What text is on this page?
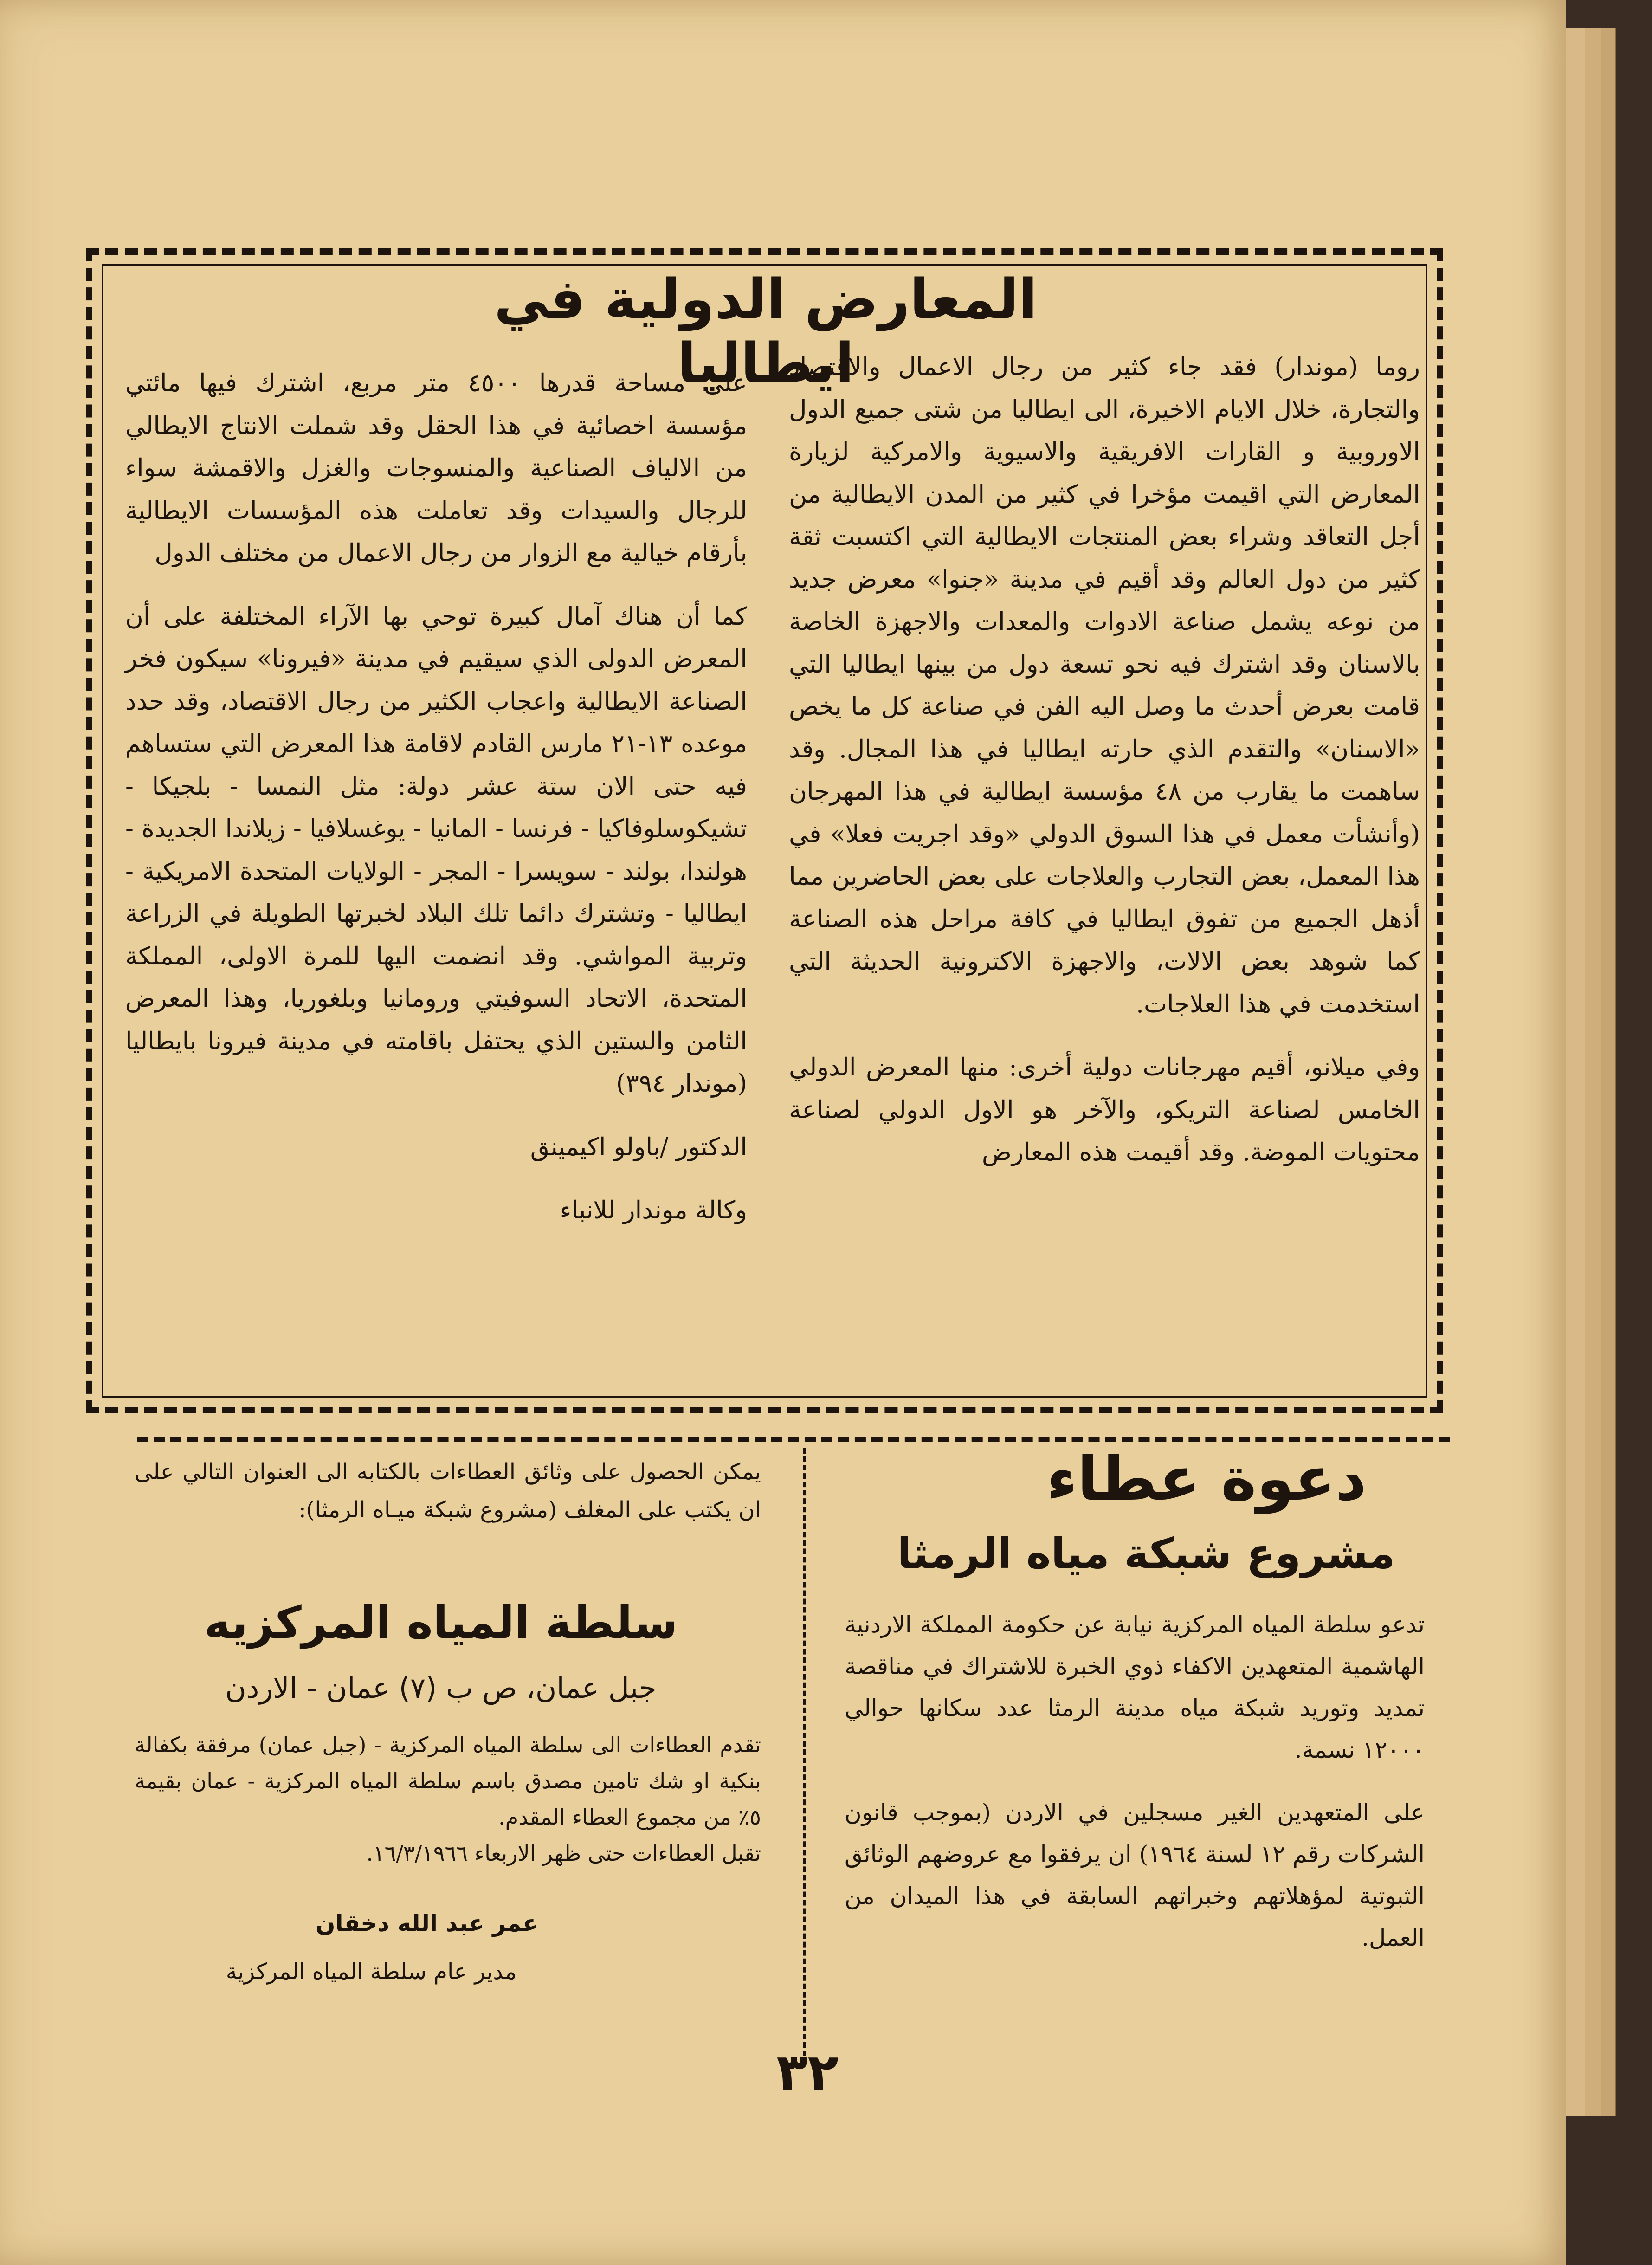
المعارض الدولية في ايطاليا

روما (موندار) فقد جاء كثير من رجال الاعمال والاقتصاد والتجارة، خلال الايام الاخيرة، الى ايطاليا من شتى جميع الدول الاوروبية و القارات الافريقية والاسيوية والامركية لزيارة المعارض التي اقيمت مؤخرا في كثير من المدن الايطالية من أجل التعاقد وشراء بعض المنتجات الايطالية التي اكتسبت ثقة كثير من دول العالم وقد أقيم في مدينة «جنوا» معرض جديد من نوعه يشمل صناعة الادوات والمعدات والاجهزة الخاصة بالاسنان وقد اشترك فيه نحو تسعة دول من بينها ايطاليا التي قامت بعرض أحدث ما وصل اليه الفن في صناعة كل ما يخص «الاسنان» والتقدم الذي حارته ايطاليا في هذا المجال. وقد ساهمت ما يقارب من ٤٨ مؤسسة ايطالية في هذا المهرجان (وأنشأت معمل في هذا السوق الدولي «وقد اجريت فعلا» في هذا المعمل، بعض التجارب والعلاجات على بعض الحاضرين مما أذهل الجميع من تفوق ايطاليا في كافة مراحل هذه الصناعة كما شوهد بعض الالات، والاجهزة الاكترونية الحديثة التي استخدمت في هذا العلاجات.

وفي ميلانو، أقيم مهرجانات دولية أخرى: منها المعرض الدولي الخامس لصناعة التريكو، والآخر هو الاول الدولي لصناعة محتويات الموضة. وقد أقيمت هذه المعارض

على مساحة قدرها ٤٥٠٠ متر مربع، اشترك فيها مائتي مؤسسة اخصائية في هذا الحقل وقد شملت الانتاج الايطالي من الالياف الصناعية والمنسوجات والغزل والاقمشة سواء للرجال والسيدات وقد تعاملت هذه المؤسسات الايطالية بأرقام خيالية مع الزوار من رجال الاعمال من مختلف الدول

كما أن هناك آمال كبيرة توحي بها الآراء المختلفة على أن المعرض الدولى الذي سيقيم في مدينة «فيرونا» سيكون فخر الصناعة الايطالية واعجاب الكثير من رجال الاقتصاد، وقد حدد موعده ١٣-٢١ مارس القادم لاقامة هذا المعرض التي ستساهم فيه حتى الان ستة عشر دولة: مثل النمسا - بلجيكا - تشيكوسلوفاكيا - فرنسا - المانيا - يوغسلافيا - زيلاندا الجديدة - هولندا، بولند - سويسرا - المجر - الولايات المتحدة الامريكية - ايطاليا - وتشترك دائما تلك البلاد لخبرتها الطويلة في الزراعة وتربية المواشي. وقد انضمت اليها للمرة الاولى، المملكة المتحدة، الاتحاد السوفيتي ورومانيا وبلغوريا، وهذا المعرض الثامن والستين الذي يحتفل باقامته في مدينة فيرونا بايطاليا (موندار ٣٩٤)

الدكتور /باولو اكيمينق

وكالة موندار للانباء

دعوة عطاء
مشروع شبكة مياه الرمثا

تدعو سلطة المياه المركزية نيابة عن حكومة المملكة الاردنية الهاشمية المتعهدين الاكفاء ذوي الخبرة للاشتراك في مناقصة تمديد وتوريد شبكة مياه مدينة الرمثا عدد سكانها حوالي ١٢٠٠٠ نسمة.

على المتعهدين الغير مسجلين في الاردن (بموجب قانون الشركات رقم ١٢ لسنة ١٩٦٤) ان يرفقوا مع عروضهم الوثائق الثبوتية لمؤهلاتهم وخبراتهم السابقة في هذا الميدان من العمل.

يمكن الحصول على وثائق العطاءات بالكتابه الى العنوان التالي على ان يكتب على المغلف (مشروع شبكة ميـاه الرمثا):
سلطة المياه المركزيه
جبل عمان، ص ب (٧) عمان - الاردن

تقدم العطاءات الى سلطة المياه المركزية - (جبل عمان) مرفقة بكفالة بنكية او شك تامين مصدق باسم سلطة المياه المركزية - عمان بقيمة ٥٪ من مجموع العطاء المقدم.

تقبل العطاءات حتى ظهر الاربعاء ١٦/٣/١٩٦٦.

عمر عبد الله دخقان
مدير عام سلطة المياه المركزية
٣٢
